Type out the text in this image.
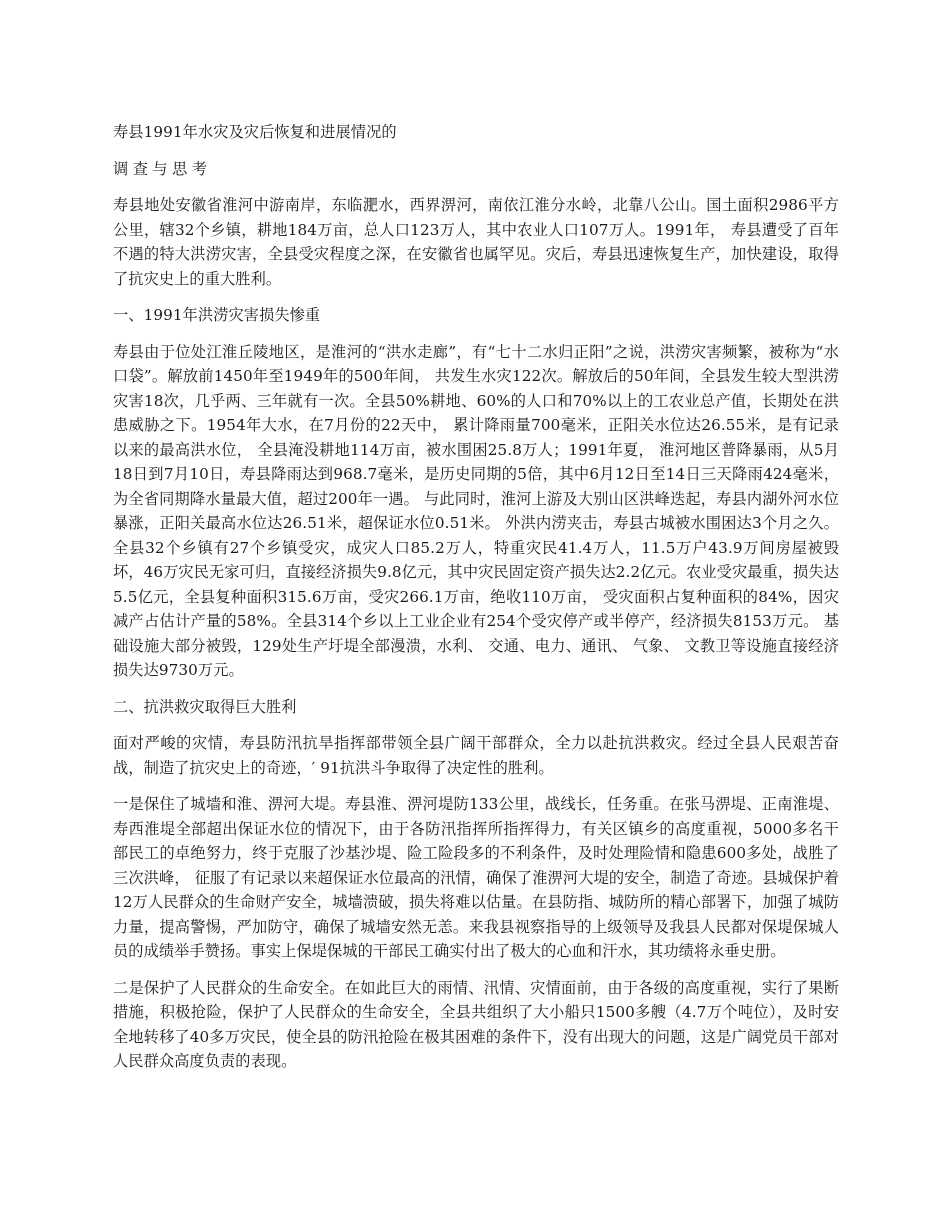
寿县1991年水灾及灾后恢复和进展情况的
调查与思考

寿县地处安徽省淮河中游南岸，东临淝水，西界淠河，南依江淮分水岭，北靠八公山。国土面积2986平方公里，辖32个乡镇，耕地184万亩，总人口123万人，其中农业人口107万人。1991年， 寿县遭受了百年不遇的特大洪涝灾害，全县受灾程度之深，在安徽省也属罕见。灾后，寿县迅速恢复生产，加快建设，取得了抗灾史上的重大胜利。

一、1991年洪涝灾害损失惨重

寿县由于位处江淮丘陵地区，是淮河的“洪水走廊”，有“七十二水归正阳”之说，洪涝灾害频繁，被称为“水口袋”。解放前1450年至1949年的500年间， 共发生水灾122次。解放后的50年间，全县发生较大型洪涝灾害18次，几乎两、三年就有一次。全县50%耕地、60%的人口和70%以上的工农业总产值，长期处在洪患威胁之下。1954年大水，在7月份的22天中， 累计降雨量700毫米，正阳关水位达26.55米，是有记录以来的最高洪水位， 全县淹没耕地114万亩，被水围困25.8万人；1991年夏， 淮河地区普降暴雨，从5月18日到7月10日，寿县降雨达到968.7毫米，是历史同期的5倍，其中6月12日至14日三天降雨424毫米，为全省同期降水量最大值，超过200年一遇。 与此同时，淮河上游及大别山区洪峰迭起，寿县内湖外河水位暴涨，正阳关最高水位达26.51米，超保证水位0.51米。 外洪内涝夹击，寿县古城被水围困达3个月之久。全县32个乡镇有27个乡镇受灾，成灾人口85.2万人，特重灾民41.4万人，11.5万户43.9万间房屋被毁坏，46万灾民无家可归，直接经济损失9.8亿元，其中灾民固定资产损失达2.2亿元。农业受灾最重，损失达5.5亿元，全县复种面积315.6万亩，受灾266.1万亩，绝收110万亩， 受灾面积占复种面积的84%，因灾减产占估计产量的58%。全县314个乡以上工业企业有254个受灾停产或半停产，经济损失8153万元。 基础设施大部分被毁，129处生产圩堤全部漫溃，水利、 交通、电力、通讯、 气象、 文教卫等设施直接经济损失达9730万元。

二、抗洪救灾取得巨大胜利

面对严峻的灾情，寿县防汛抗旱指挥部带领全县广阔干部群众，全力以赴抗洪救灾。经过全县人民艰苦奋战，制造了抗灾史上的奇迹，′ 91抗洪斗争取得了决定性的胜利。

一是保住了城墙和淮、淠河大堤。寿县淮、淠河堤防133公里，战线长，任务重。在张马淠堤、正南淮堤、寿西淮堤全部超出保证水位的情况下，由于各防汛指挥所指挥得力，有关区镇乡的高度重视，5000多名干部民工的卓绝努力，终于克服了沙基沙堤、险工险段多的不利条件，及时处理险情和隐患600多处，战胜了三次洪峰， 征服了有记录以来超保证水位最高的汛情，确保了淮淠河大堤的安全，制造了奇迹。县城保护着12万人民群众的生命财产安全，城墙溃破，损失将难以估量。在县防指、城防所的精心部署下，加强了城防力量，提高警惕，严加防守，确保了城墙安然无恙。来我县视察指导的上级领导及我县人民都对保堤保城人员的成绩举手赞扬。事实上保堤保城的干部民工确实付出了极大的心血和汗水，其功绩将永垂史册。

二是保护了人民群众的生命安全。在如此巨大的雨情、汛情、灾情面前，由于各级的高度重视，实行了果断措施，积极抢险，保护了人民群众的生命安全，全县共组织了大小船只1500多艘（4.7万个吨位），及时安全地转移了40多万灾民，使全县的防汛抢险在极其困难的条件下，没有出现大的问题，这是广阔党员干部对人民群众高度负责的表现。
